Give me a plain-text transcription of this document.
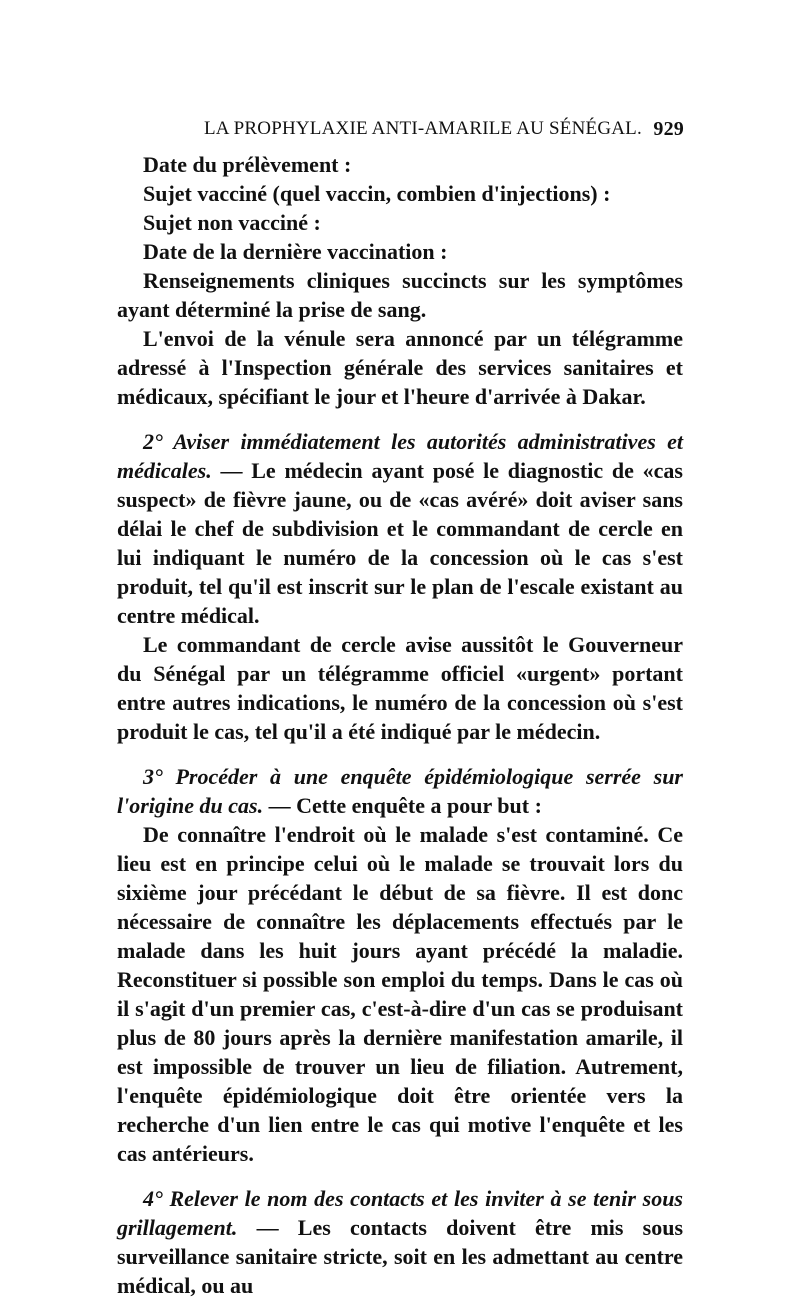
LA PROPHYLAXIE ANTI-AMARILE AU SÉNÉGAL. 929

Date du prélèvement :

Sujet vacciné (quel vaccin, combien d'injections) :

Sujet non vacciné :

Date de la dernière vaccination :

Renseignements cliniques succincts sur les symptômes ayant déterminé la prise de sang.

L'envoi de la vénule sera annoncé par un télégramme adressé à l'Inspection générale des services sanitaires et médicaux, spécifiant le jour et l'heure d'arrivée à Dakar.

2° Aviser immédiatement les autorités administratives et médicales. — Le médecin ayant posé le diagnostic de «cas suspect» de fièvre jaune, ou de «cas avéré» doit aviser sans délai le chef de subdivision et le commandant de cercle en lui indiquant le numéro de la concession où le cas s'est produit, tel qu'il est inscrit sur le plan de l'escale existant au centre médical.

Le commandant de cercle avise aussitôt le Gouverneur du Sénégal par un télégramme officiel «urgent» portant entre autres indications, le numéro de la concession où s'est produit le cas, tel qu'il a été indiqué par le médecin.

3° Procéder à une enquête épidémiologique serrée sur l'origine du cas. — Cette enquête a pour but :

De connaître l'endroit où le malade s'est contaminé. Ce lieu est en principe celui où le malade se trouvait lors du sixième jour précédant le début de sa fièvre. Il est donc nécessaire de connaître les déplacements effectués par le malade dans les huit jours ayant précédé la maladie. Reconstituer si possible son emploi du temps. Dans le cas où il s'agit d'un premier cas, c'est-à-dire d'un cas se produisant plus de 80 jours après la dernière manifestation amarile, il est impossible de trouver un lieu de filiation. Autrement, l'enquête épidémiologique doit être orientée vers la recherche d'un lien entre le cas qui motive l'enquête et les cas antérieurs.

4° Relever le nom des contacts et les inviter à se tenir sous grillagement. — Les contacts doivent être mis sous surveillance sanitaire stricte, soit en les admettant au centre médical, ou au
